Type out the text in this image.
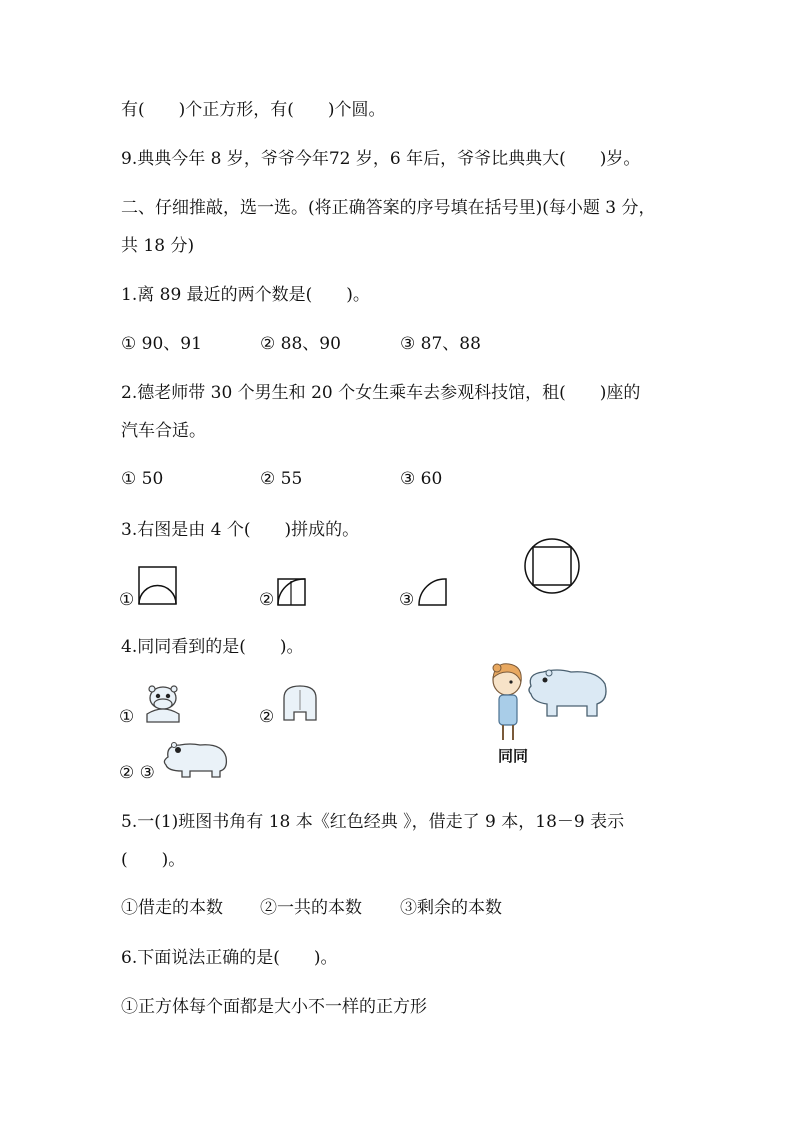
有(　　)个正方形，有(　　)个圆。
9.典典今年 8 岁，爷爷今年72 岁，6 年后，爷爷比典典大(　　)岁。
二、仔细推敲，选一选。(将正确答案的序号填在括号里)(每小题 3 分，
共 18 分)
1.离 89 最近的两个数是(　　)。
① 90、91	② 88、90	③ 87、88
2.德老师带 30 个男生和 20 个女生乘车去参观科技馆，租(　　)座的
汽车合适。
① 50	② 55	③ 60
3.右图是由 4 个(　　)拼成的。
①	②	③
4.同同看到的是(　　)。
①	②
② ③
同同
5.一(1)班图书角有 18 本《红色经典 》，借走了 9 本，18－9 表示
(　　)。
①借走的本数 ②一共的本数 ③剩余的本数
6.下面说法正确的是(　　)。
①正方体每个面都是大小不一样的正方形
